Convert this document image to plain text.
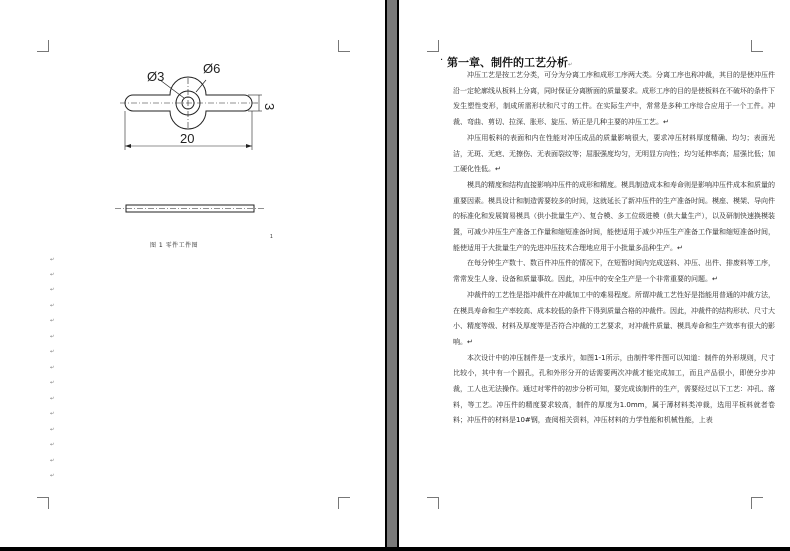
Ø3
Ø6
3
20
1
图 1 零件工件图
↵
↵
↵
↵
↵
↵
↵
↵
↵
↵
↵
↵
↵
↵
↵
· 第一章、制件的工艺分析↵

冲压工艺是按工艺分类，可分为分离工序和成形工序两大类。分离工序也称冲裁，其目的是使冲压件沿一定轮廓线从板料上分离，同时保证分离断面的质量要求。成形工序的目的是使板料在不破坏的条件下发生塑性变形，制成所需形状和尺寸的工件。在实际生产中，常常是多种工序综合应用于一个工件。冲裁、弯曲、剪切、拉深、胀形、旋压、矫正是几种主要的冲压工艺。↵

冲压用板料的表面和内在性能对冲压成品的质量影响很大，要求冲压材料厚度精确、均匀；表面光洁，无斑、无疤、无擦伤、无表面裂纹等；屈服强度均匀，无明显方向性；均匀延伸率高；屈强比低；加工硬化性低。↵

模具的精度和结构直接影响冲压件的成形和精度。模具制造成本和寿命则是影响冲压件成本和质量的重要因素。模具设计和制造需要较多的时间，这就延长了新冲压件的生产准备时间。模座、模架、导向件的标准化和发展简易模具（供小批量生产）、复合模、多工位级进模（供大量生产），以及研制快速换模装置，可减少冲压生产准备工作量和缩短准备时间，能使适用于减少冲压生产准备工作量和缩短准备时间，能使适用于大批量生产的先进冲压技术合理地应用于小批量多品种生产。↵

在每分钟生产数十、数百件冲压件的情况下，在短暂时间内完成送料、冲压、出件、排废料等工序，常常发生人身、设备和质量事故。因此，冲压中的安全生产是一个非常重要的问题。↵

冲裁件的工艺性是指冲裁件在冲裁加工中的难易程度。所谓冲裁工艺性好是指能用普通的冲裁方法，在模具寿命和生产率较高、成本较低的条件下得到质量合格的冲裁件。因此，冲裁件的结构形状、尺寸大小、精度等级、材料及厚度等是否符合冲裁的工艺要求，对冲裁件质量、模具寿命和生产效率有很大的影响。↵

本次设计中的冲压制件是一支承片，如图1-1所示，由制件零件图可以知道：制件的外形规则，尺寸比较小，其中有一个圆孔，孔和外形分开的话需要两次冲裁才能完成加工，而且产品很小，即使分步冲裁，工人也无法操作。通过对零件的初步分析可知，要完成该制件的生产，需要经过以下工艺：冲孔、落料，等工艺。冲压件的精度要求较高，制件的厚度为1.0mm，属于薄材料类冲裁，选用平板料就者卷料；冲压件的材料是10#钢，查阅相关资料，冲压材料的力学性能和机械性能，上表
